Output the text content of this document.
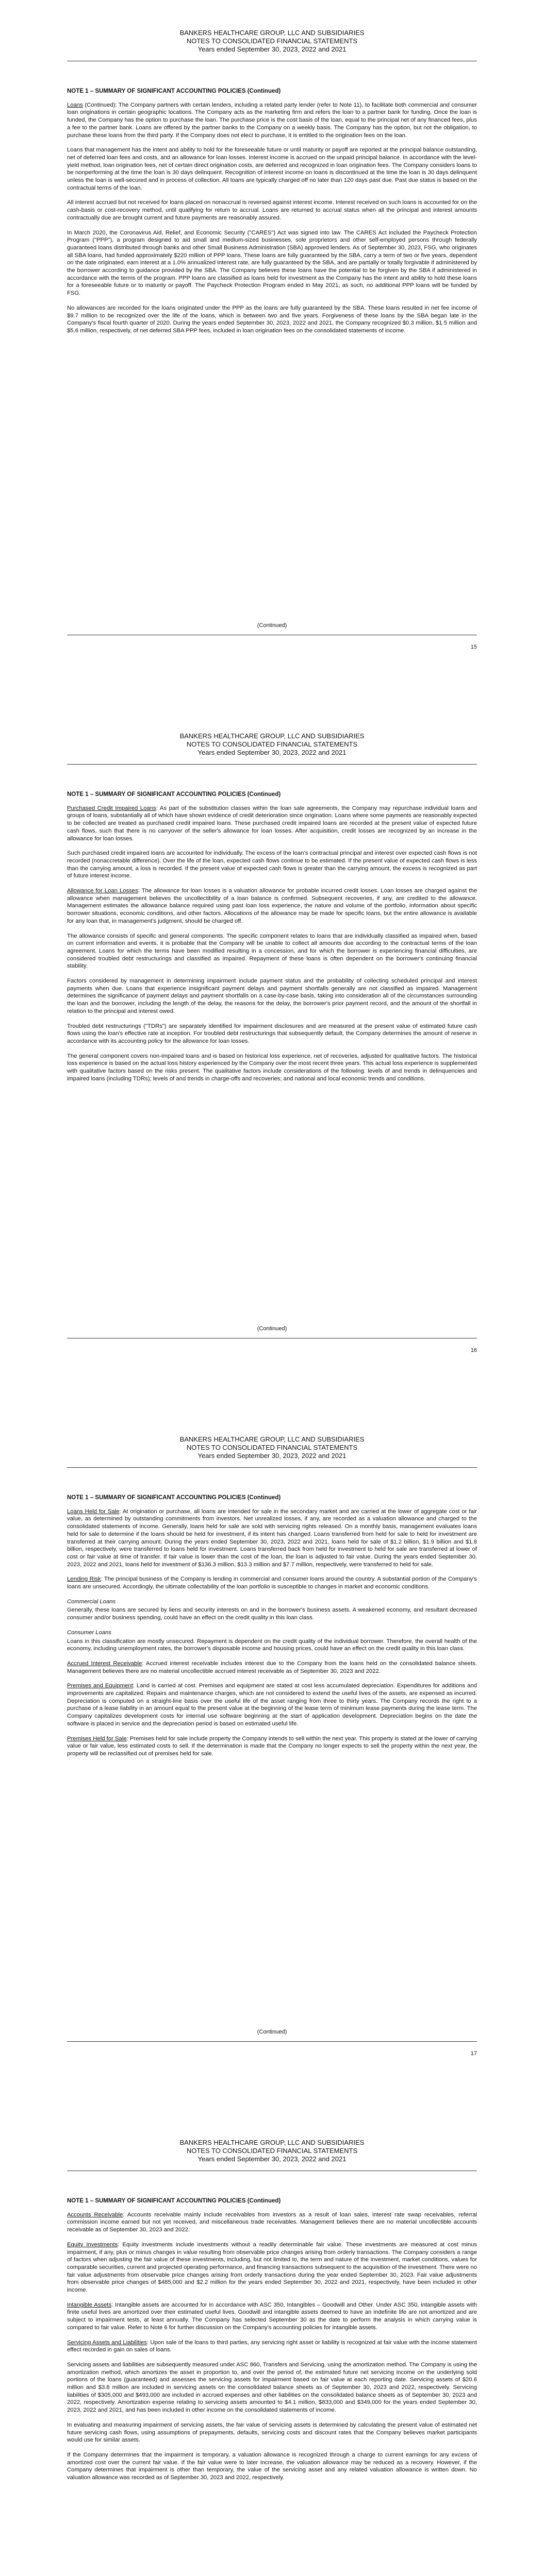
BANKERS HEALTHCARE GROUP, LLC AND SUBSIDIARIES
NOTES TO CONSOLIDATED FINANCIAL STATEMENTS
Years ended September 30, 2023, 2022 and 2021
NOTE 1 – SUMMARY OF SIGNIFICANT ACCOUNTING POLICIES (Continued)

Loans (Continued): The Company partners with certain lenders, including a related party lender (refer to Note 11), to facilitate both commercial and consumer loan originations in certain geographic locations. The Company acts as the marketing firm and refers the loan to a partner bank for funding. Once the loan is funded, the Company has the option to purchase the loan. The purchase price is the cost basis of the loan, equal to the principal net of any financed fees, plus a fee to the partner bank. Loans are offered by the partner banks to the Company on a weekly basis. The Company has the option, but not the obligation, to purchase these loans from the third party. If the Company does not elect to purchase, it is entitled to the origination fees on the loan.

Loans that management has the intent and ability to hold for the foreseeable future or until maturity or payoff are reported at the principal balance outstanding, net of deferred loan fees and costs, and an allowance for loan losses. Interest income is accrued on the unpaid principal balance. In accordance with the level-yield method, loan origination fees, net of certain direct origination costs, are deferred and recognized in loan origination fees. The Company considers loans to be nonperforming at the time the loan is 30 days delinquent. Recognition of interest income on loans is discontinued at the time the loan is 30 days delinquent unless the loan is well-secured and in process of collection. All loans are typically charged off no later than 120 days past due. Past due status is based on the contractual terms of the loan.

All interest accrued but not received for loans placed on nonaccrual is reversed against interest income. Interest received on such loans is accounted for on the cash-basis or cost-recovery method, until qualifying for return to accrual. Loans are returned to accrual status when all the principal and interest amounts contractually due are brought current and future payments are reasonably assured.

In March 2020, the Coronavirus Aid, Relief, and Economic Security ("CARES") Act was signed into law. The CARES Act included the Paycheck Protection Program ("PPP"), a program designed to aid small and medium-sized businesses, sole proprietors and other self-employed persons through federally guaranteed loans distributed through banks and other Small Business Administration (SBA) approved lenders. As of September 30, 2023, FSG, who originates all SBA loans, had funded approximately $220 million of PPP loans. These loans are fully guaranteed by the SBA, carry a term of two or five years, dependent on the date originated, earn interest at a 1.0% annualized interest rate, are fully guaranteed by the SBA, and are partially or totally forgivable if administered by the borrower according to guidance provided by the SBA. The Company believes these loans have the potential to be forgiven by the SBA if administered in accordance with the terms of the program. PPP loans are classified as loans held for investment as the Company has the intent and ability to hold these loans for a foreseeable future or to maturity or payoff. The Paycheck Protection Program ended in May 2021, as such, no additional PPP loans will be funded by FSG.

No allowances are recorded for the loans originated under the PPP as the loans are fully guaranteed by the SBA. These loans resulted in net fee income of $9.7 million to be recognized over the life of the loans, which is between two and five years. Forgiveness of these loans by the SBA began late in the Company's fiscal fourth quarter of 2020. During the years ended September 30, 2023, 2022 and 2021, the Company recognized $0.3 million, $1.5 million and $5.6 million, respectively, of net deferred SBA PPP fees, included in loan origination fees on the consolidated statements of income.

(Continued)
15
BANKERS HEALTHCARE GROUP, LLC AND SUBSIDIARIES
NOTES TO CONSOLIDATED FINANCIAL STATEMENTS
Years ended September 30, 2023, 2022 and 2021
NOTE 1 – SUMMARY OF SIGNIFICANT ACCOUNTING POLICIES (Continued)

Purchased Credit Impaired Loans: As part of the substitution classes within the loan sale agreements, the Company may repurchase individual loans and groups of loans, substantially all of which have shown evidence of credit deterioration since origination. Loans where some payments are reasonably expected to be collected are treated as purchased credit impaired loans. These purchased credit impaired loans are recorded at the present value of expected future cash flows, such that there is no carryover of the seller's allowance for loan losses. After acquisition, credit losses are recognized by an increase in the allowance for loan losses.

Such purchased credit impaired loans are accounted for individually. The excess of the loan's contractual principal and interest over expected cash flows is not recorded (nonaccretable difference). Over the life of the loan, expected cash flows continue to be estimated. If the present value of expected cash flows is less than the carrying amount, a loss is recorded. If the present value of expected cash flows is greater than the carrying amount, the excess is recognized as part of future interest income.

Allowance for Loan Losses: The allowance for loan losses is a valuation allowance for probable incurred credit losses. Loan losses are charged against the allowance when management believes the uncollectibility of a loan balance is confirmed. Subsequent recoveries, if any, are credited to the allowance. Management estimates the allowance balance required using past loan loss experience, the nature and volume of the portfolio, information about specific borrower situations, economic conditions, and other factors. Allocations of the allowance may be made for specific loans, but the entire allowance is available for any loan that, in management's judgment, should be charged off.

The allowance consists of specific and general components. The specific component relates to loans that are individually classified as impaired when, based on current information and events, it is probable that the Company will be unable to collect all amounts due according to the contractual terms of the loan agreement. Loans for which the terms have been modified resulting in a concession, and for which the borrower is experiencing financial difficulties, are considered troubled debt restructurings and classified as impaired. Repayment of these loans is often dependent on the borrower's continuing financial stability.

Factors considered by management in determining impairment include payment status and the probability of collecting scheduled principal and interest payments when due. Loans that experience insignificant payment delays and payment shortfalls generally are not classified as impaired. Management determines the significance of payment delays and payment shortfalls on a case-by-case basis, taking into consideration all of the circumstances surrounding the loan and the borrower, including the length of the delay, the reasons for the delay, the borrower's prior payment record, and the amount of the shortfall in relation to the principal and interest owed.

Troubled debt restructurings ("TDRs") are separately identified for impairment disclosures and are measured at the present value of estimated future cash flows using the loan's effective rate at inception. For troubled debt restructurings that subsequently default, the Company determines the amount of reserve in accordance with its accounting policy for the allowance for loan losses.

The general component covers non-impaired loans and is based on historical loss experience, net of recoveries, adjusted for qualitative factors. The historical loss experience is based on the actual loss history experienced by the Company over the most recent three years. This actual loss experience is supplemented with qualitative factors based on the risks present. The qualitative factors include considerations of the following: levels of and trends in delinquencies and impaired loans (including TDRs); levels of and trends in charge-offs and recoveries; and national and local economic trends and conditions.

(Continued)
16
BANKERS HEALTHCARE GROUP, LLC AND SUBSIDIARIES
NOTES TO CONSOLIDATED FINANCIAL STATEMENTS
Years ended September 30, 2023, 2022 and 2021
NOTE 1 – SUMMARY OF SIGNIFICANT ACCOUNTING POLICIES (Continued)

Loans Held for Sale: At origination or purchase, all loans are intended for sale in the secondary market and are carried at the lower of aggregate cost or fair value, as determined by outstanding commitments from investors. Net unrealized losses, if any, are recorded as a valuation allowance and charged to the consolidated statements of income. Generally, loans held for sale are sold with servicing rights released. On a monthly basis, management evaluates loans held for sale to determine if the loans should be held for investment, if its intent has changed. Loans transferred from held for sale to held for investment are transferred at their carrying amount. During the years ended September 30, 2023, 2022 and 2021, loans held for sale of $1.2 billion, $1.9 billion and $1.8 billion, respectively, were transferred to loans held for investment. Loans transferred back from held for investment to held for sale are transferred at lower of cost or fair value at time of transfer. If fair value is lower than the cost of the loan, the loan is adjusted to fair value. During the years ended September 30, 2023, 2022 and 2021, loans held for investment of $136.3 million, $13.3 million and $7.7 million, respectively, were transferred to held for sale.

Lending Risk: The principal business of the Company is lending in commercial and consumer loans around the country. A substantial portion of the Company's loans are unsecured. Accordingly, the ultimate collectability of the loan portfolio is susceptible to changes in market and economic conditions.

Commercial Loans

Generally, these loans are secured by liens and security interests on and in the borrower's business assets. A weakened economy, and resultant decreased consumer and/or business spending, could have an effect on the credit quality in this loan class.

Consumer Loans

Loans in this classification are mostly unsecured. Repayment is dependent on the credit quality of the individual borrower. Therefore, the overall health of the economy, including unemployment rates, the borrower's disposable income and housing prices, could have an effect on the credit quality in this loan class.

Accrued Interest Receivable: Accrued interest receivable includes interest due to the Company from the loans held on the consolidated balance sheets. Management believes there are no material uncollectible accrued interest receivable as of September 30, 2023 and 2022.

Premises and Equipment: Land is carried at cost. Premises and equipment are stated at cost less accumulated depreciation. Expenditures for additions and improvements are capitalized. Repairs and maintenance charges, which are not considered to extend the useful lives of the assets, are expensed as incurred. Depreciation is computed on a straight-line basis over the useful life of the asset ranging from three to thirty years. The Company records the right to a purchase of a lease liability in an amount equal to the present value at the beginning of the lease term of minimum lease payments during the lease term. The Company capitalizes development costs for internal use software beginning at the start of application development. Depreciation begins on the date the software is placed in service and the depreciation period is based on estimated useful life.

Premises Held for Sale: Premises held for sale include property the Company intends to sell within the next year. This property is stated at the lower of carrying value or fair value, less estimated costs to sell. If the determination is made that the Company no longer expects to sell the property within the next year, the property will be reclassified out of premises held for sale.

(Continued)
17
BANKERS HEALTHCARE GROUP, LLC AND SUBSIDIARIES
NOTES TO CONSOLIDATED FINANCIAL STATEMENTS
Years ended September 30, 2023, 2022 and 2021
NOTE 1 – SUMMARY OF SIGNIFICANT ACCOUNTING POLICIES (Continued)

Accounts Receivable: Accounts receivable mainly include receivables from investors as a result of loan sales, interest rate swap receivables, referral commission income earned but not yet received, and miscellaneous trade receivables. Management believes there are no material uncollectible accounts receivable as of September 30, 2023 and 2022.

Equity Investments: Equity investments include investments without a readily determinable fair value. These investments are measured at cost minus impairment, if any, plus or minus changes in value resulting from observable price changes arising from orderly transactions. The Company considers a range of factors when adjusting the fair value of these investments, including, but not limited to, the term and nature of the investment, market conditions, values for comparable securities, current and projected operating performance, and financing transactions subsequent to the acquisition of the investment. There were no fair value adjustments from observable price changes arising from orderly transactions during the year ended September 30, 2023. Fair value adjustments from observable price changes of $485,000 and $2.2 million for the years ended September 30, 2022 and 2021, respectively, have been included in other income.

Intangible Assets: Intangible assets are accounted for in accordance with ASC 350, Intangibles – Goodwill and Other. Under ASC 350, intangible assets with finite useful lives are amortized over their estimated useful lives. Goodwill and intangible assets deemed to have an indefinite life are not amortized and are subject to impairment tests, at least annually. The Company has selected September 30 as the date to perform the analysis in which carrying value is compared to fair value. Refer to Note 6 for further discussion on the Company's accounting policies for intangible assets.

Servicing Assets and Liabilities: Upon sale of the loans to third parties, any servicing right asset or liability is recognized at fair value with the income statement effect recorded in gain on sales of loans.

Servicing assets and liabilities are subsequently measured under ASC 860, Transfers and Servicing, using the amortization method. The Company is using the amortization method, which amortizes the asset in proportion to, and over the period of, the estimated future net servicing income on the underlying sold portions of the loans (guaranteed) and assesses the servicing assets for impairment based on fair value at each reporting date. Servicing assets of $20.6 million and $3.8 million are included in servicing assets on the consolidated balance sheets as of September 30, 2023 and 2022, respectively. Servicing liabilities of $305,000 and $493,000 are included in accrued expenses and other liabilities on the consolidated balance sheets as of September 30, 2023 and 2022, respectively. Amortization expense relating to servicing assets amounted to $4.1 million, $833,000 and $349,000 for the years ended September 30, 2023, 2022 and 2021, and has been included in other income on the consolidated statements of income.

In evaluating and measuring impairment of servicing assets, the fair value of servicing assets is determined by calculating the present value of estimated net future servicing cash flows, using assumptions of prepayments, defaults, servicing costs and discount rates that the Company believes market participants would use for similar assets.

If the Company determines that the impairment is temporary, a valuation allowance is recognized through a charge to current earnings for any excess of amortized cost over the current fair value. If the fair value were to later increase, the valuation allowance may be reduced as a recovery. However, if the Company determines that impairment is other than temporary, the value of the servicing asset and any related valuation allowance is written down. No valuation allowance was recorded as of September 30, 2023 and 2022, respectively.
